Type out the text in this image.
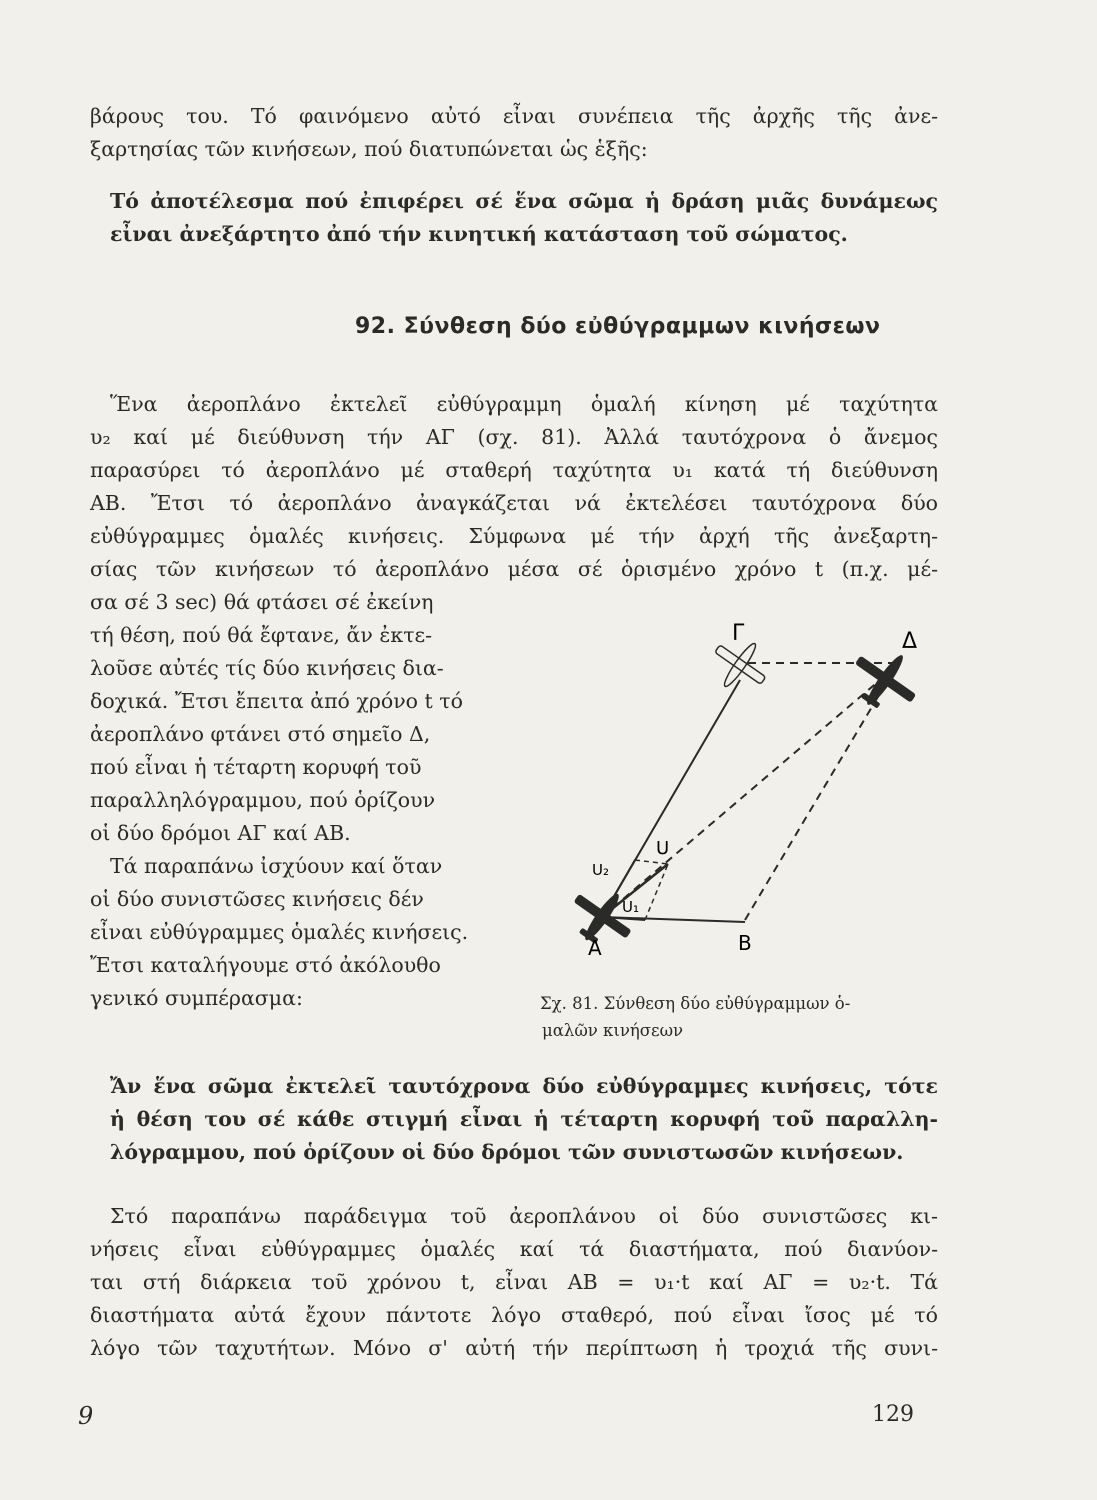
βάρους του. Τό φαινόμενο αὐτό εἶναι συνέπεια τῆς ἀρχῆς τῆς ἀνε-
ξαρτησίας τῶν κινήσεων, πού διατυπώνεται ὡς ἑξῆς:
Τό ἀποτέλεσμα πού ἐπιφέρει σέ ἕνα σῶμα ἡ δράση μιᾶς δυνάμεως
εἶναι ἀνεξάρτητο ἀπό τήν κινητική κατάσταση τοῦ σώματος.
92. Σύνθεση δύο εὐθύγραμμων κινήσεων
Ἕνα ἀεροπλάνο ἐκτελεῖ εὐθύγραμμη ὁμαλή κίνηση μέ ταχύτητα
υ₂ καί μέ διεύθυνση τήν ΑΓ (σχ. 81). Ἀλλά ταυτόχρονα ὁ ἄνεμος
παρασύρει τό ἀεροπλάνο μέ σταθερή ταχύτητα υ₁ κατά τή διεύθυνση
ΑΒ. Ἔτσι τό ἀεροπλάνο ἀναγκάζεται νά ἐκτελέσει ταυτόχρονα δύο
εὐθύγραμμες ὁμαλές κινήσεις. Σύμφωνα μέ τήν ἀρχή τῆς ἀνεξαρτη-
σίας τῶν κινήσεων τό ἀεροπλάνο μέσα σέ ὁρισμένο χρόνο t (π.χ. μέ-
σα σέ 3 sec) θά φτάσει σέ ἐκείνη
τή θέση, πού θά ἔφτανε, ἄν ἐκτε-
λοῦσε αὐτές τίς δύο κινήσεις δια-
δοχικά. Ἔτσι ἔπειτα ἀπό χρόνο t τό
ἀεροπλάνο φτάνει στό σημεῖο Δ,
πού εἶναι ἡ τέταρτη κορυφή τοῦ
παραλληλόγραμμου, πού ὁρίζουν
οἱ δύο δρόμοι ΑΓ καί ΑΒ.
Τά παραπάνω ἰσχύουν καί ὅταν
οἱ δύο συνιστῶσες κινήσεις δέν
εἶναι εὐθύγραμμες ὁμαλές κινήσεις.
Ἔτσι καταλήγουμε στό ἀκόλουθο
γενικό συμπέρασμα:
Α	Β
Γ	Δ
U
U₁
U₂
Σχ. 81. Σύνθεση δύο εὐθύγραμμων ὁ-
μαλῶν κινήσεων
Ἄν ἕνα σῶμα ἐκτελεῖ ταυτόχρονα δύο εὐθύγραμμες κινήσεις, τότε
ἡ θέση του σέ κάθε στιγμή εἶναι ἡ τέταρτη κορυφή τοῦ παραλλη-
λόγραμμου, πού ὁρίζουν οἱ δύο δρόμοι τῶν συνιστωσῶν κινήσεων.
Στό παραπάνω παράδειγμα τοῦ ἀεροπλάνου οἱ δύο συνιστῶσες κι-
νήσεις εἶναι εὐθύγραμμες ὁμαλές καί τά διαστήματα, πού διανύον-
ται στή διάρκεια τοῦ χρόνου t, εἶναι ΑΒ = υ₁·t καί ΑΓ = υ₂·t. Τά
διαστήματα αὐτά ἔχουν πάντοτε λόγο σταθερό, πού εἶναι ἴσος μέ τό
λόγο τῶν ταχυτήτων. Μόνο σ' αὐτή τήν περίπτωση ἡ τροχιά τῆς συνι-
9	129
